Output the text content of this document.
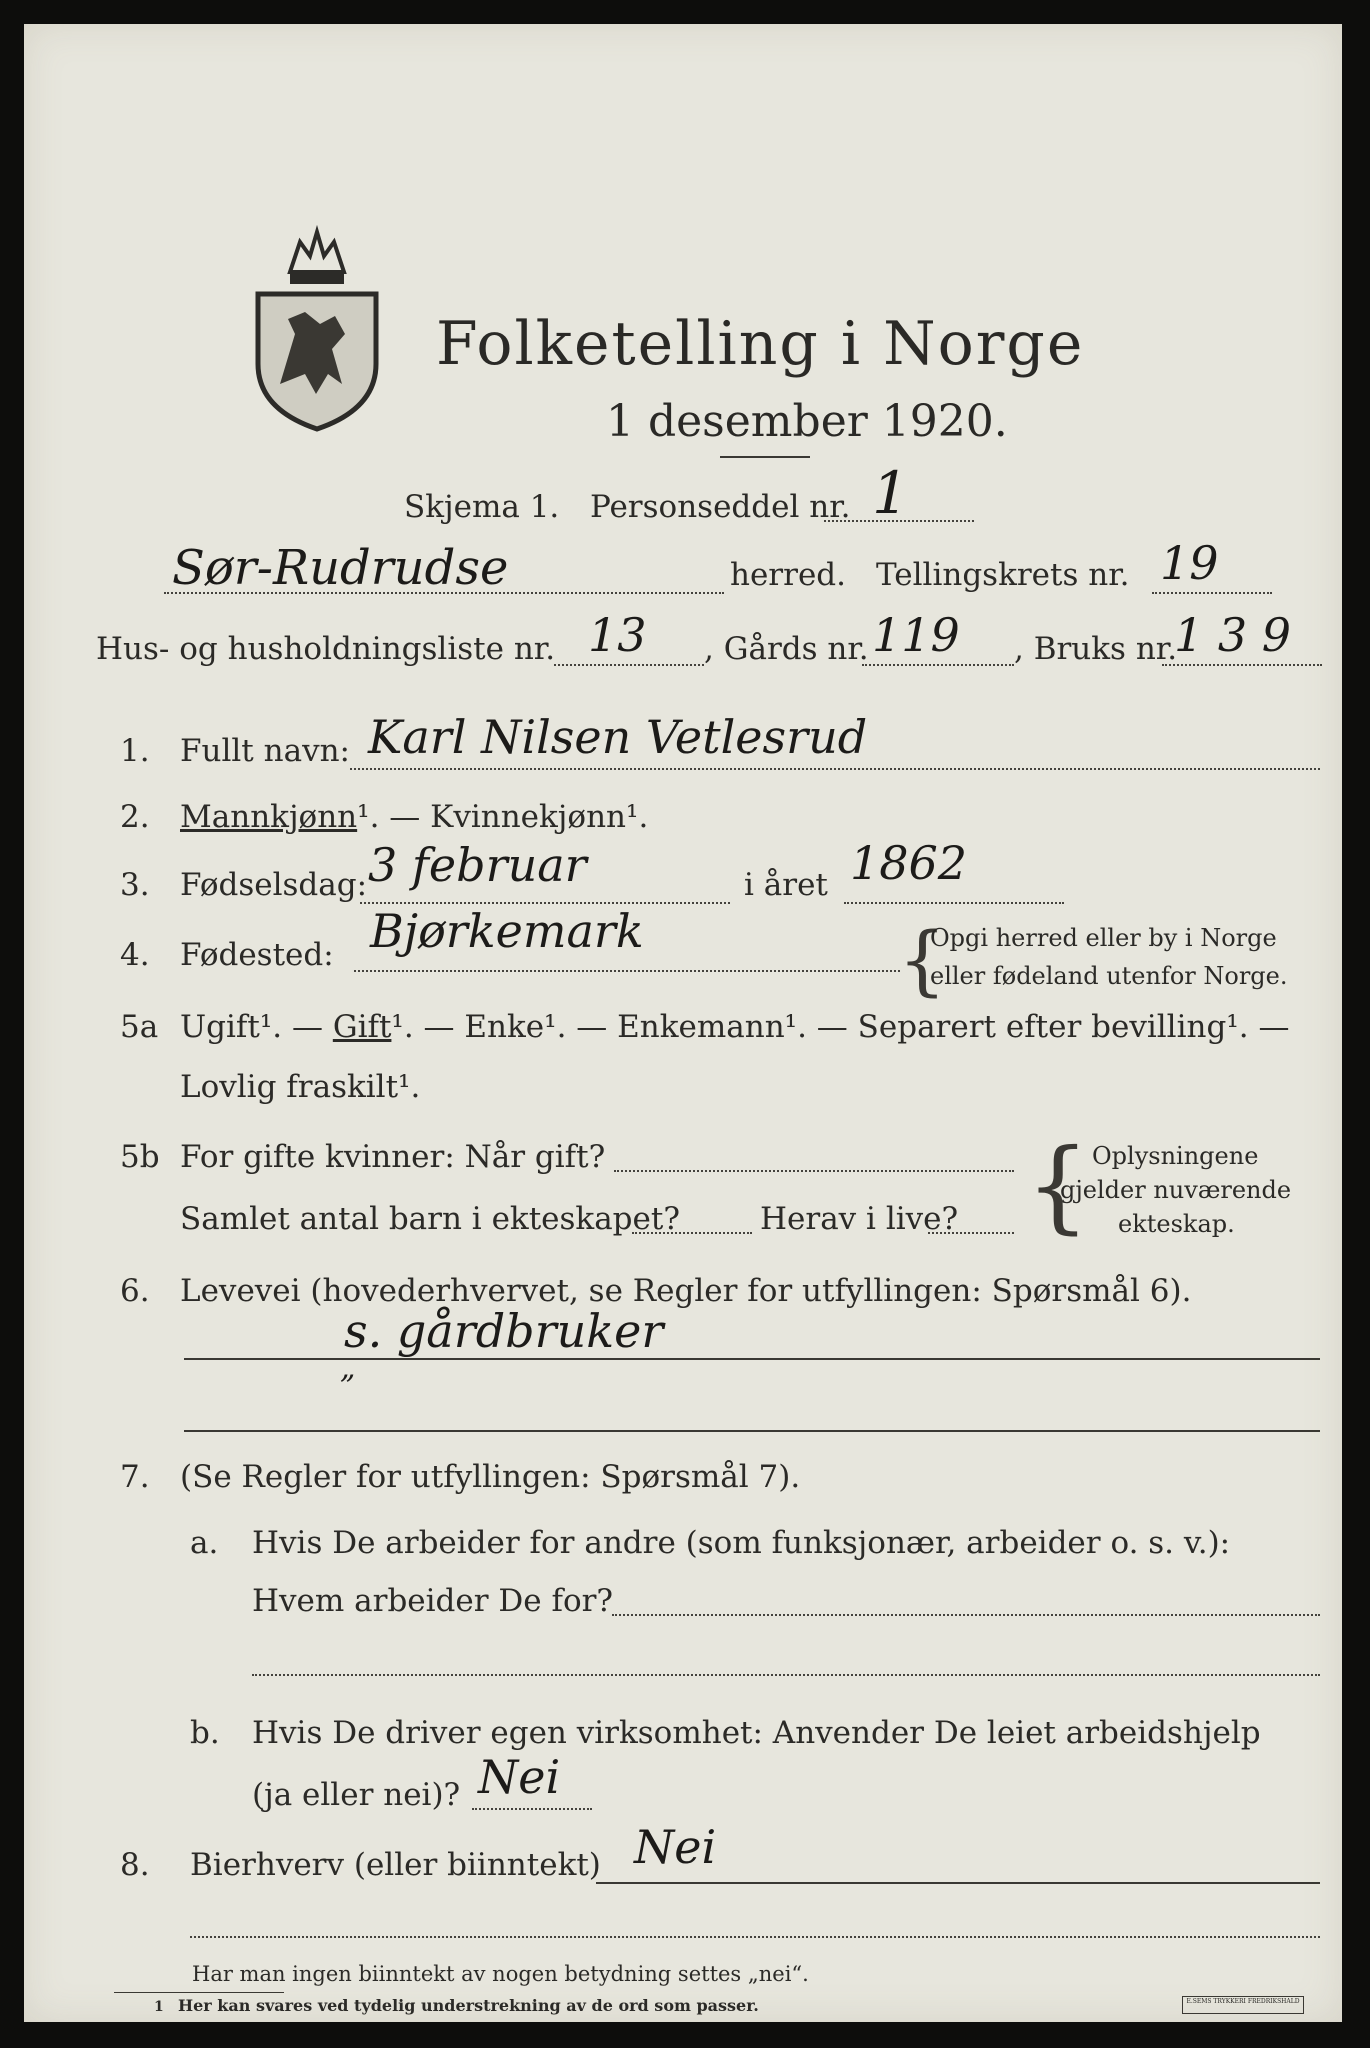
Folketelling i Norge
1 desember 1920.
Skjema 1. Personseddel nr. 1
Sør-Rudrudse	herred. Tellingskrets nr. 19
Hus- og husholdningsliste nr. 13 , Gårds nr. 119 , Bruks nr.
1 3 9
1. Fullt navn: Karl Nilsen Vetlesrud
2. Mannkjønn¹. — Kvinnekjønn¹.
3. Fødselsdag: 3 februar	i året 1862
4. Fødested: Bjørkemark	{
Opgi herred eller by i Norge
eller fødeland utenfor Norge.
5a Ugift¹. — Gift¹. — Enke¹. — Enkemann¹. — Separert efter bevilling¹. —
Lovlig fraskilt¹.
5b For gifte kvinner: Når gift?
Samlet antal barn i ekteskapet?	Herav i live? { Oplysningene
gjelder nuværende
ekteskap.
6. Levevei (hovederhvervet, se Regler for utfyllingen: Spørsmål 6).
s. gårdbruker
„
7. (Se Regler for utfyllingen: Spørsmål 7).
a. Hvis De arbeider for andre (som funksjonær, arbeider o. s. v.):
Hvem arbeider De for?
b. Hvis De driver egen virksomhet: Anvender De leiet arbeidshjelp
(ja eller nei)? Nei
8. Bierhverv (eller biinntekt) Nei
Har man ingen biinntekt av nogen betydning settes „nei“.
1 Her kan svares ved tydelig understrekning av de ord som passer.	E.SEMS TRYKKERI FREDRIKSHALD
